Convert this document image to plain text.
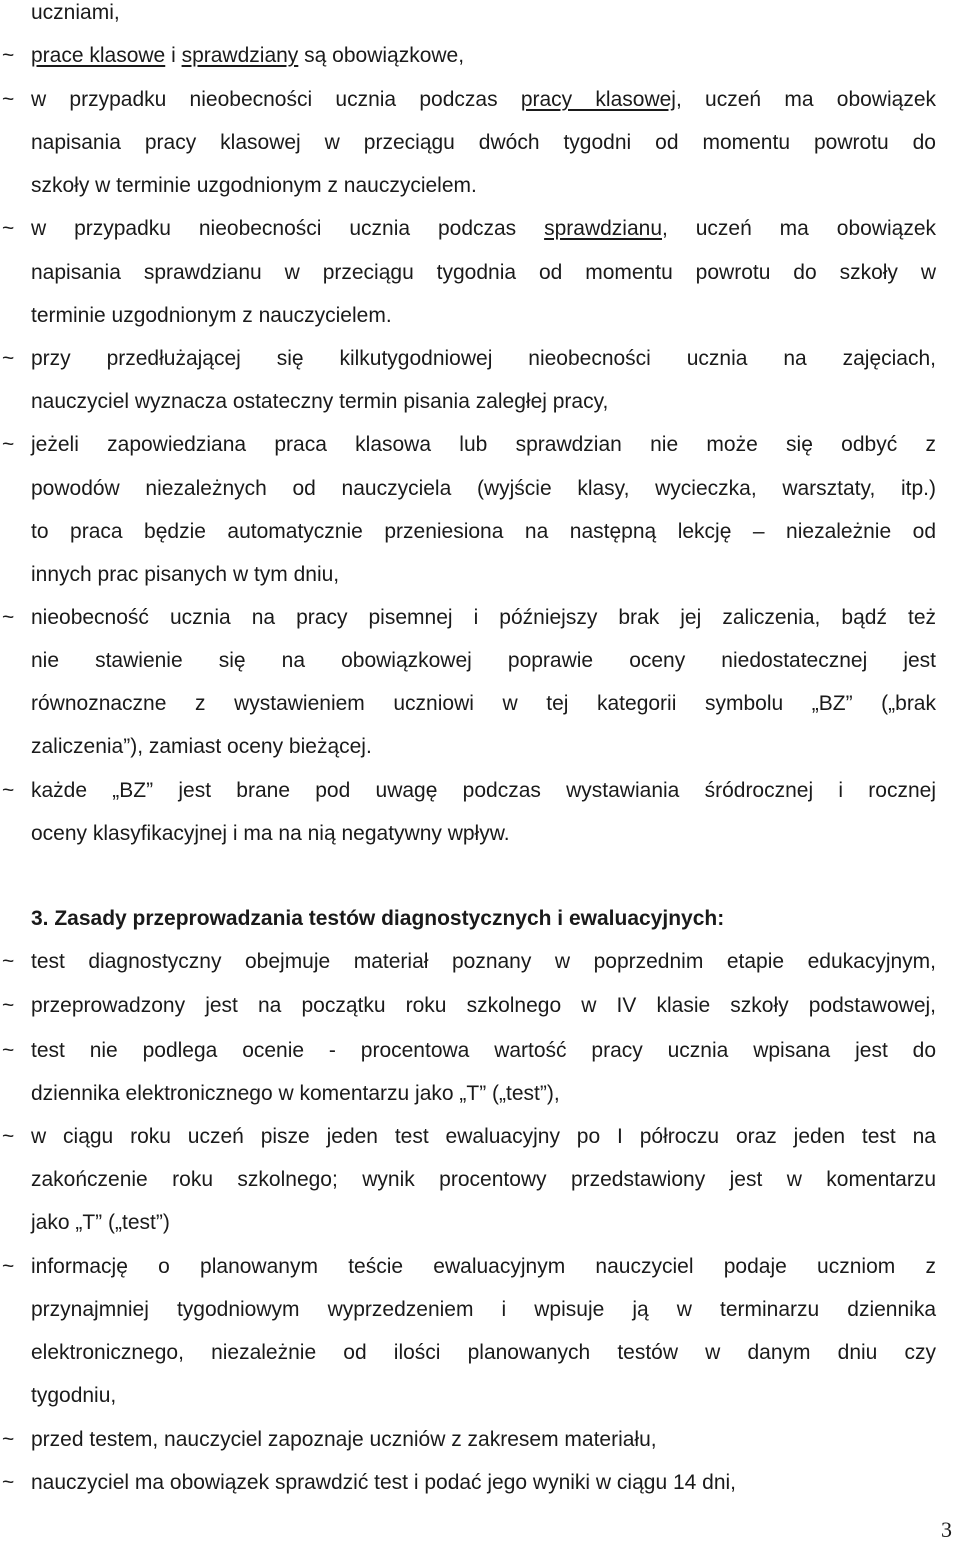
uczniami,
~ prace klasowe i sprawdziany są obowiązkowe,
~ w przypadku nieobecności ucznia podczas pracy klasowej, uczeń ma obowiązek
napisania pracy klasowej w przeciągu dwóch tygodni od momentu powrotu do
szkoły w terminie uzgodnionym z nauczycielem.
~ w przypadku nieobecności ucznia podczas sprawdzianu, uczeń ma obowiązek
napisania sprawdzianu w przeciągu tygodnia od momentu powrotu do szkoły w
terminie uzgodnionym z nauczycielem.
~ przy przedłużającej się kilkutygodniowej nieobecności ucznia na zajęciach,
nauczyciel wyznacza ostateczny termin pisania zaległej pracy,
~ jeżeli zapowiedziana praca klasowa lub sprawdzian nie może się odbyć z
powodów niezależnych od nauczyciela (wyjście klasy, wycieczka, warsztaty, itp.)
to praca będzie automatycznie przeniesiona na następną lekcję – niezależnie od
innych prac pisanych w tym dniu,
~ nieobecność ucznia na pracy pisemnej i późniejszy brak jej zaliczenia, bądź też
nie stawienie się na obowiązkowej poprawie oceny niedostatecznej jest
równoznaczne z wystawieniem uczniowi w tej kategorii symbolu „BZ” („brak
zaliczenia”), zamiast oceny bieżącej.
~ każde „BZ” jest brane pod uwagę podczas wystawiania śródrocznej i rocznej
oceny klasyfikacyjnej i ma na nią negatywny wpływ.
3. Zasady przeprowadzania testów diagnostycznych i ewaluacyjnych:
~ test diagnostyczny obejmuje materiał poznany w poprzednim etapie edukacyjnym,
~ przeprowadzony jest na początku roku szkolnego w IV klasie szkoły podstawowej,
~ test nie podlega ocenie - procentowa wartość pracy ucznia wpisana jest do
dziennika elektronicznego w komentarzu jako „T” („test”),
~ w ciągu roku uczeń pisze jeden test ewaluacyjny po I półroczu oraz jeden test na
zakończenie roku szkolnego; wynik procentowy przedstawiony jest w komentarzu
jako „T” („test”)
~ informację o planowanym teście ewaluacyjnym nauczyciel podaje uczniom z
przynajmniej tygodniowym wyprzedzeniem i wpisuje ją w terminarzu dziennika
elektronicznego, niezależnie od ilości planowanych testów w danym dniu czy
tygodniu,
~ przed testem, nauczyciel zapoznaje uczniów z zakresem materiału,
~ nauczyciel ma obowiązek sprawdzić test i podać jego wyniki w ciągu 14 dni,
3
